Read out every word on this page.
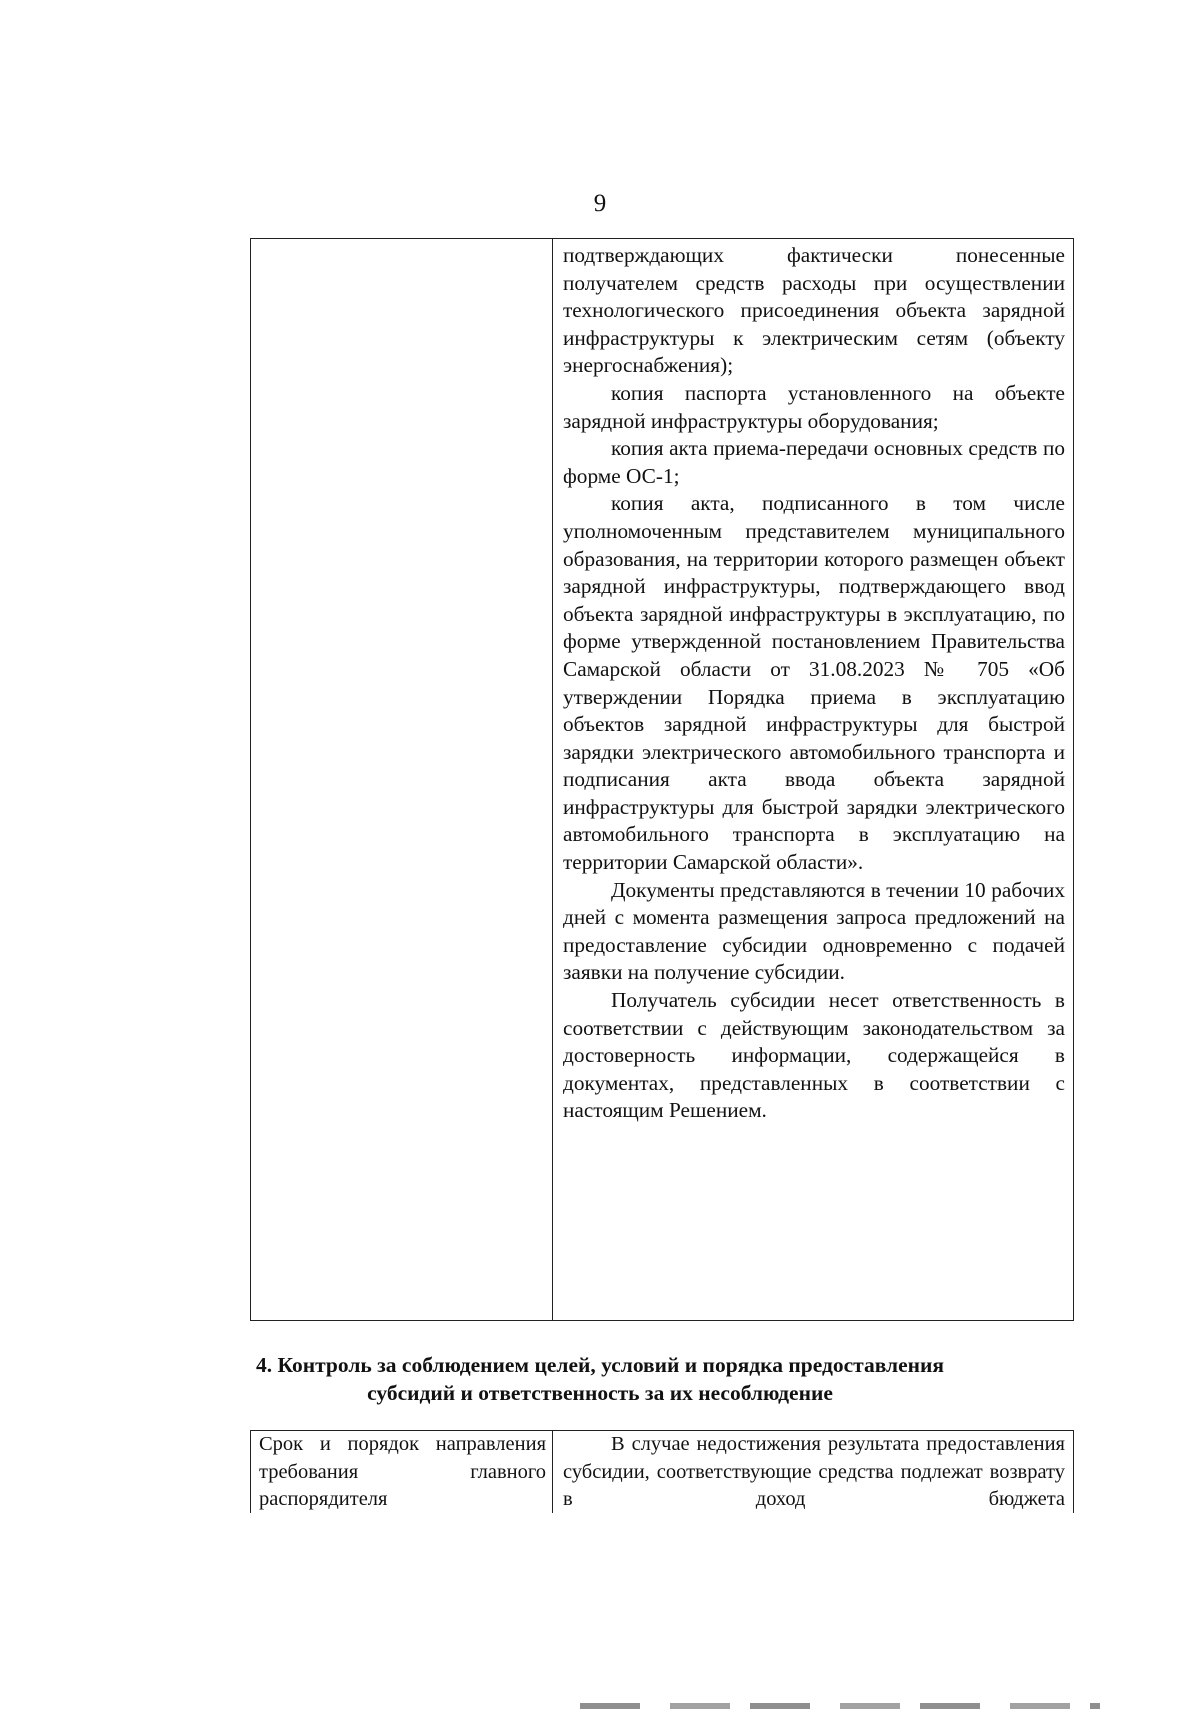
9

подтверждающих фактически понесенные получателем средств расходы при осуществлении технологического присоединения объекта зарядной инфраструктуры к электрическим сетям (объекту энергоснабжения);

копия паспорта установленного на объекте зарядной инфраструктуры оборудования;

копия акта приема-передачи основных средств по форме ОС-1;

копия акта, подписанного в том числе уполномоченным представителем муниципального образования, на территории которого размещен объект зарядной инфраструктуры, подтверждающего ввод объекта зарядной инфраструктуры в эксплуатацию, по форме утвержденной постановлением Правительства Самарской области от 31.08.2023 № 705 «Об утверждении Порядка приема в эксплуатацию объектов зарядной инфраструктуры для быстрой зарядки электрического автомобильного транспорта и подписания акта ввода объекта зарядной инфраструктуры для быстрой зарядки электрического автомобильного транспорта в эксплуатацию на территории Самарской области».

Документы представляются в течении 10 рабочих дней с момента размещения запроса предложений на предоставление субсидии одновременно с подачей заявки на получение субсидии.

Получатель субсидии несет ответственность в соответствии с действующим законодательством за достоверность информации, содержащейся в документах, представленных в соответствии с настоящим Решением.

4. Контроль за соблюдением целей, условий и порядка предоставления
субсидий и ответственность за их несоблюдение
Срок и порядок направления требования главного распорядителя
В случае недостижения результата предоставления субсидии, соответствующие средства подлежат возврату в доход бюджета
